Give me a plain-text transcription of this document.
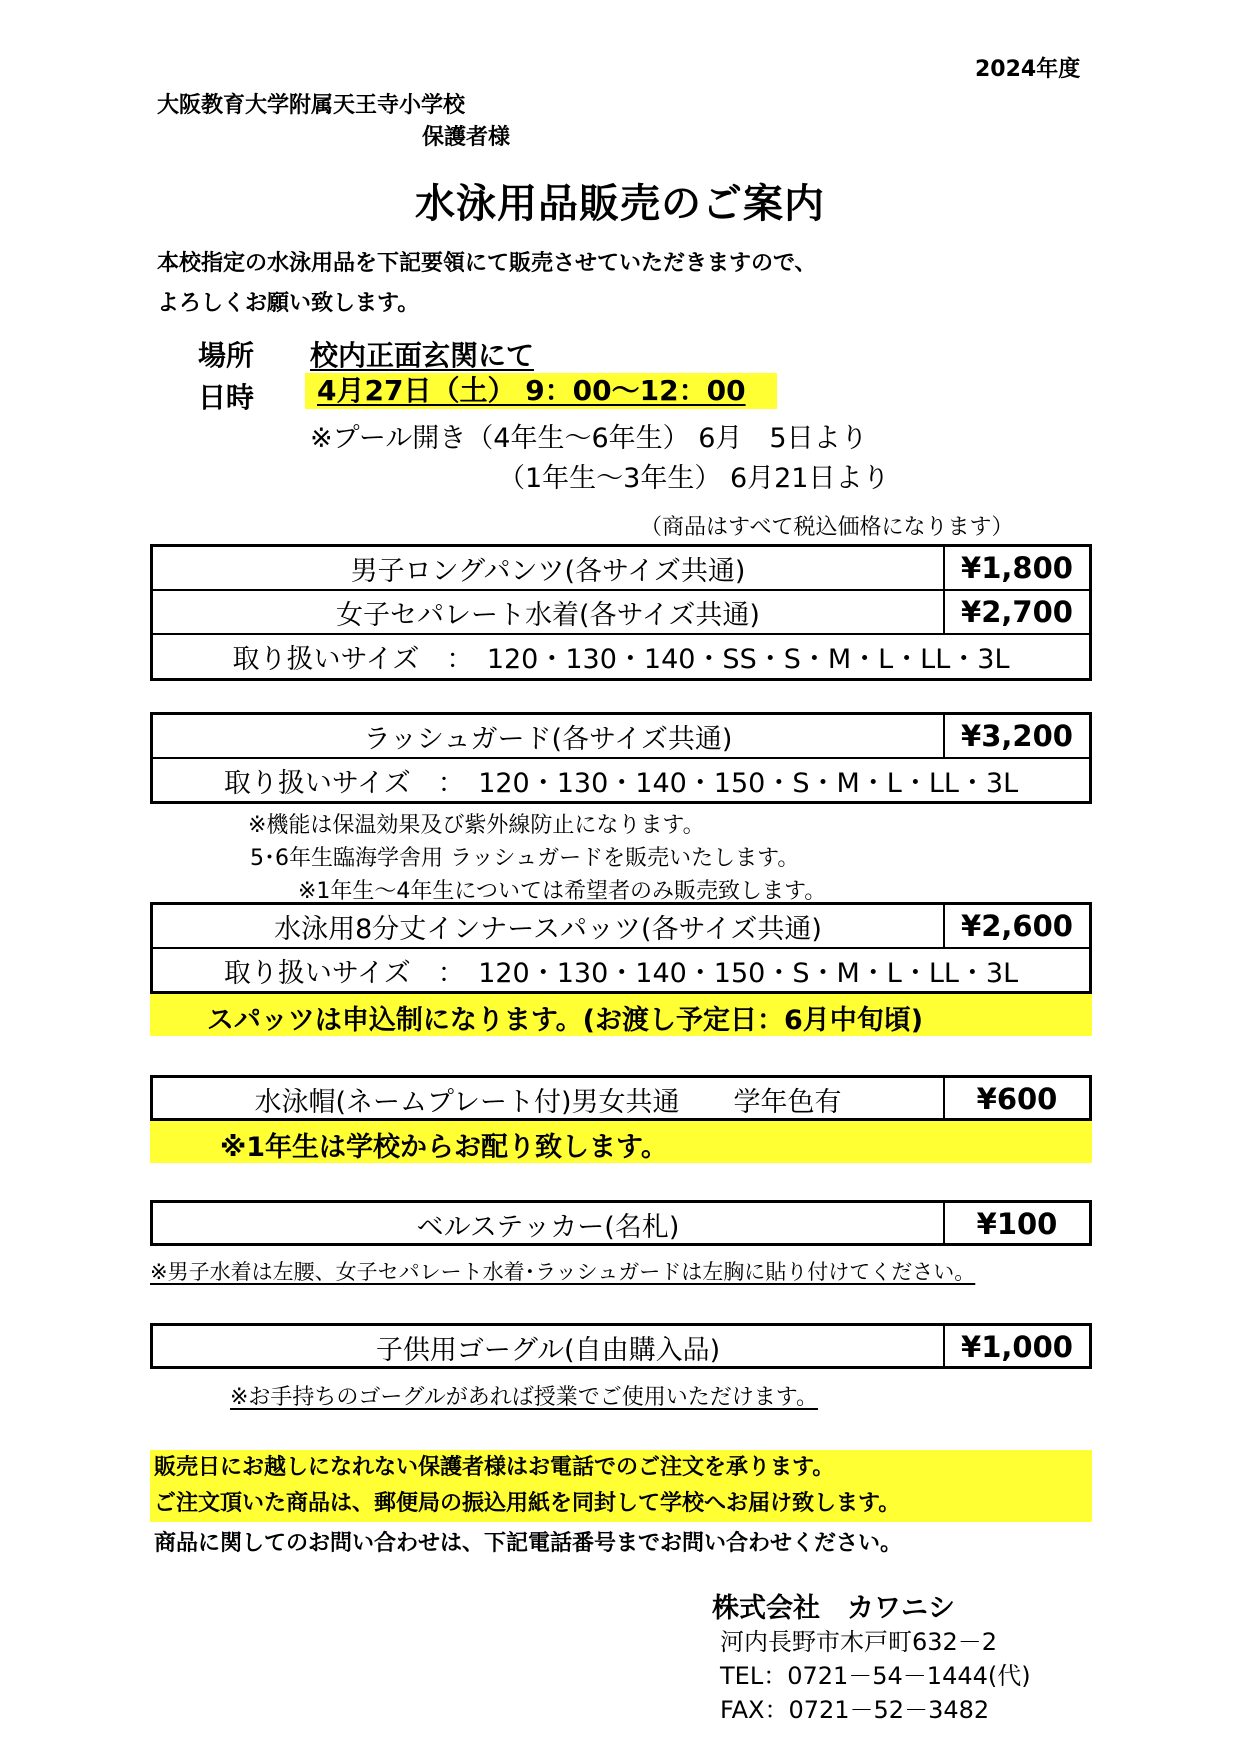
2024年度
大阪教育大学附属天王寺小学校
保護者様
水泳用品販売のご案内
本校指定の水泳用品を下記要領にて販売させていただきますので、
よろしくお願い致します。
場所 校内正面玄関にて
日時	4月27日（土） 9：00～12：00
※プール開き（4年生～6年生） 6月　5日より
（1年生～3年生） 6月21日より
（商品はすべて税込価格になります）
男子ロングパンツ(各サイズ共通)	¥1,800
女子セパレート水着(各サイズ共通)	¥2,700
取り扱いサイズ　：　120・130・140・SS・S・M・L・LL・3L
ラッシュガード(各サイズ共通)	¥3,200
取り扱いサイズ　：　120・130・140・150・S・M・L・LL・3L
※機能は保温効果及び紫外線防止になります。
5･6年生臨海学舎用 ラッシュガードを販売いたします。
※1年生～4年生については希望者のみ販売致します。
水泳用8分丈インナースパッツ(各サイズ共通)	¥2,600
取り扱いサイズ　：　120・130・140・150・S・M・L・LL・3L
スパッツは申込制になります。(お渡し予定日：6月中旬頃)
水泳帽(ネームプレート付)男女共通　　学年色有	¥600
※1年生は学校からお配り致します。
ベルステッカー(名札)	¥100
※男子水着は左腰、女子セパレート水着･ラッシュガードは左胸に貼り付けてください。
子供用ゴーグル(自由購入品)	¥1,000
※お手持ちのゴーグルがあれば授業でご使用いただけます。
販売日にお越しになれない保護者様はお電話でのご注文を承ります。
ご注文頂いた商品は、郵便局の振込用紙を同封して学校へお届け致します。
商品に関してのお問い合わせは、下記電話番号までお問い合わせください。
株式会社　カワニシ
河内長野市木戸町632－2
TEL：0721－54－1444(代)
FAX：0721－52－3482
